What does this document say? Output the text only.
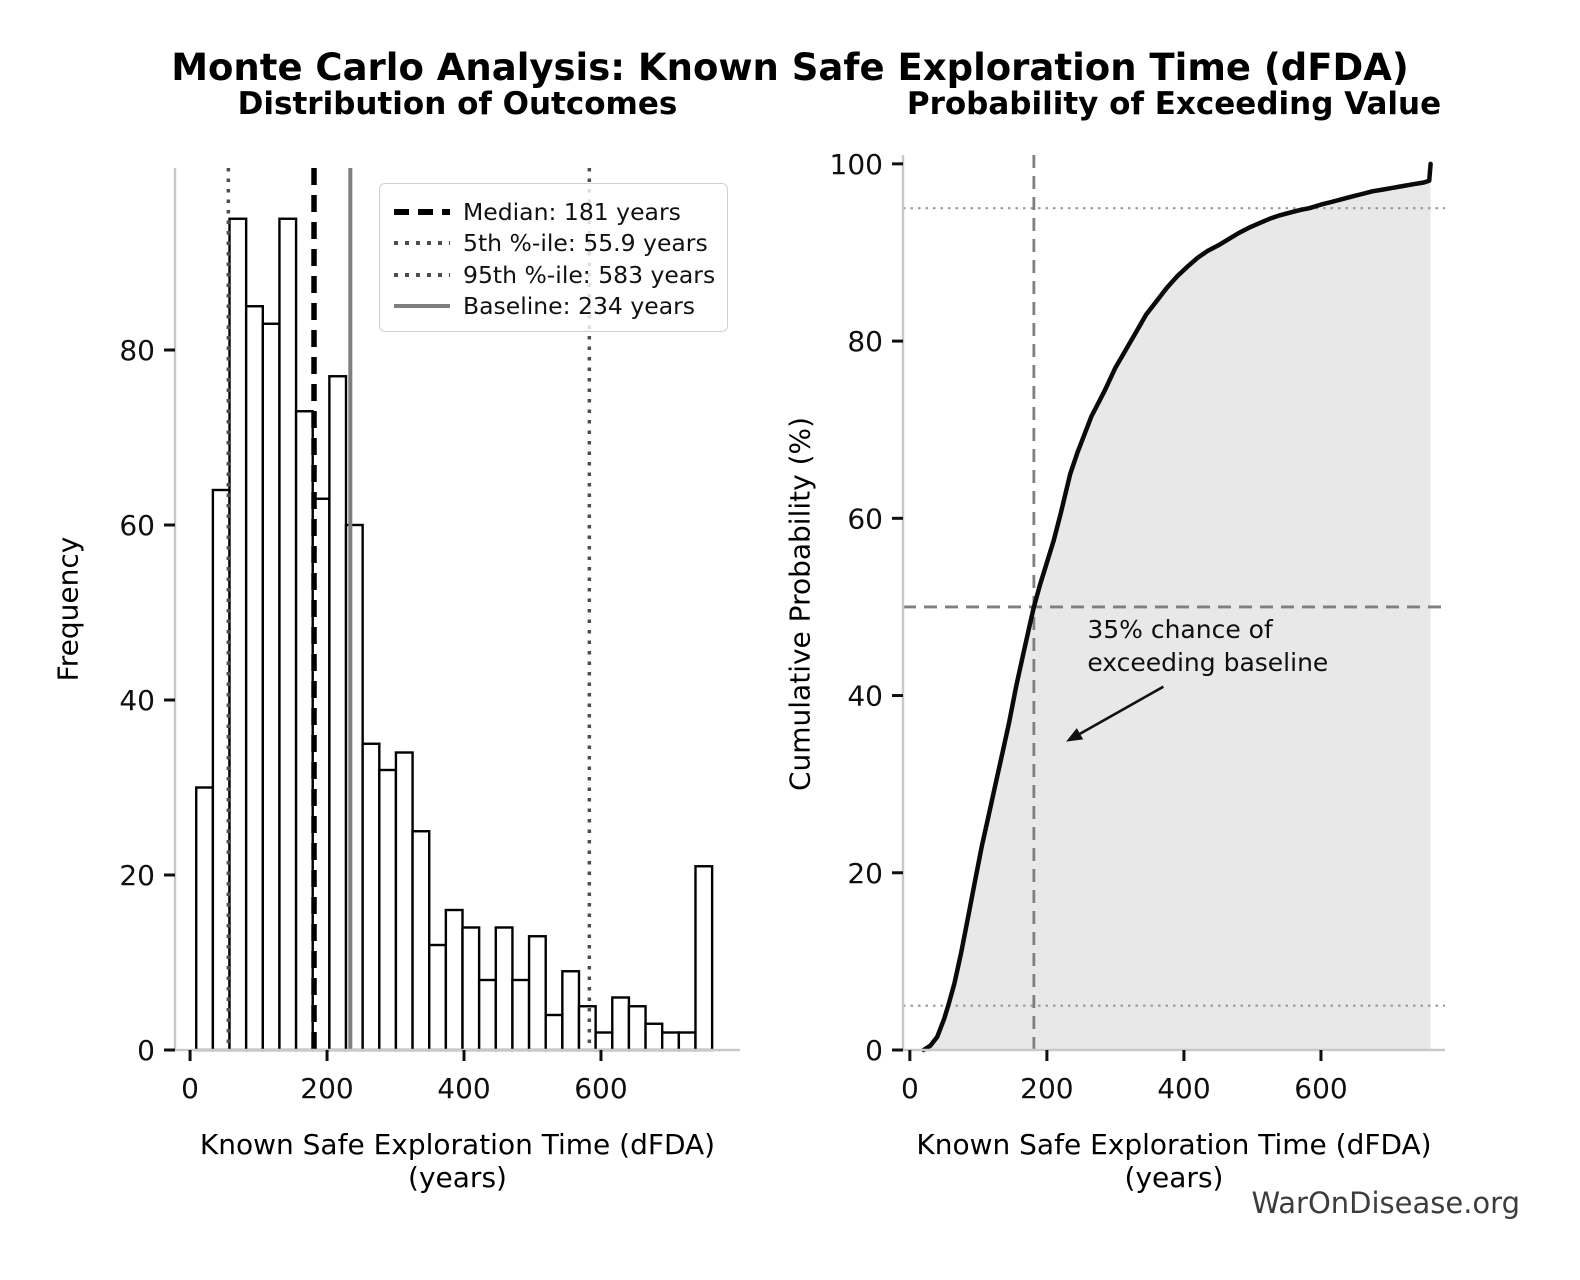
0	200	400	600
0
20
40
60
80
35% chance of
exceeding baseline
0	200	400	600
0
20
40
60
80
100
Monte Carlo Analysis: Known Safe Exploration Time (dFDA)
Distribution of Outcomes	Probability of Exceeding Value
Frequency	Cumulative Probability (%)
Known Safe Exploration Time (dFDA) (years)
Known Safe Exploration Time (dFDA) (years)
Median: 181 years
5th %-ile: 55.9 years
95th %-ile: 583 years
Baseline: 234 years
WarOnDisease.org
